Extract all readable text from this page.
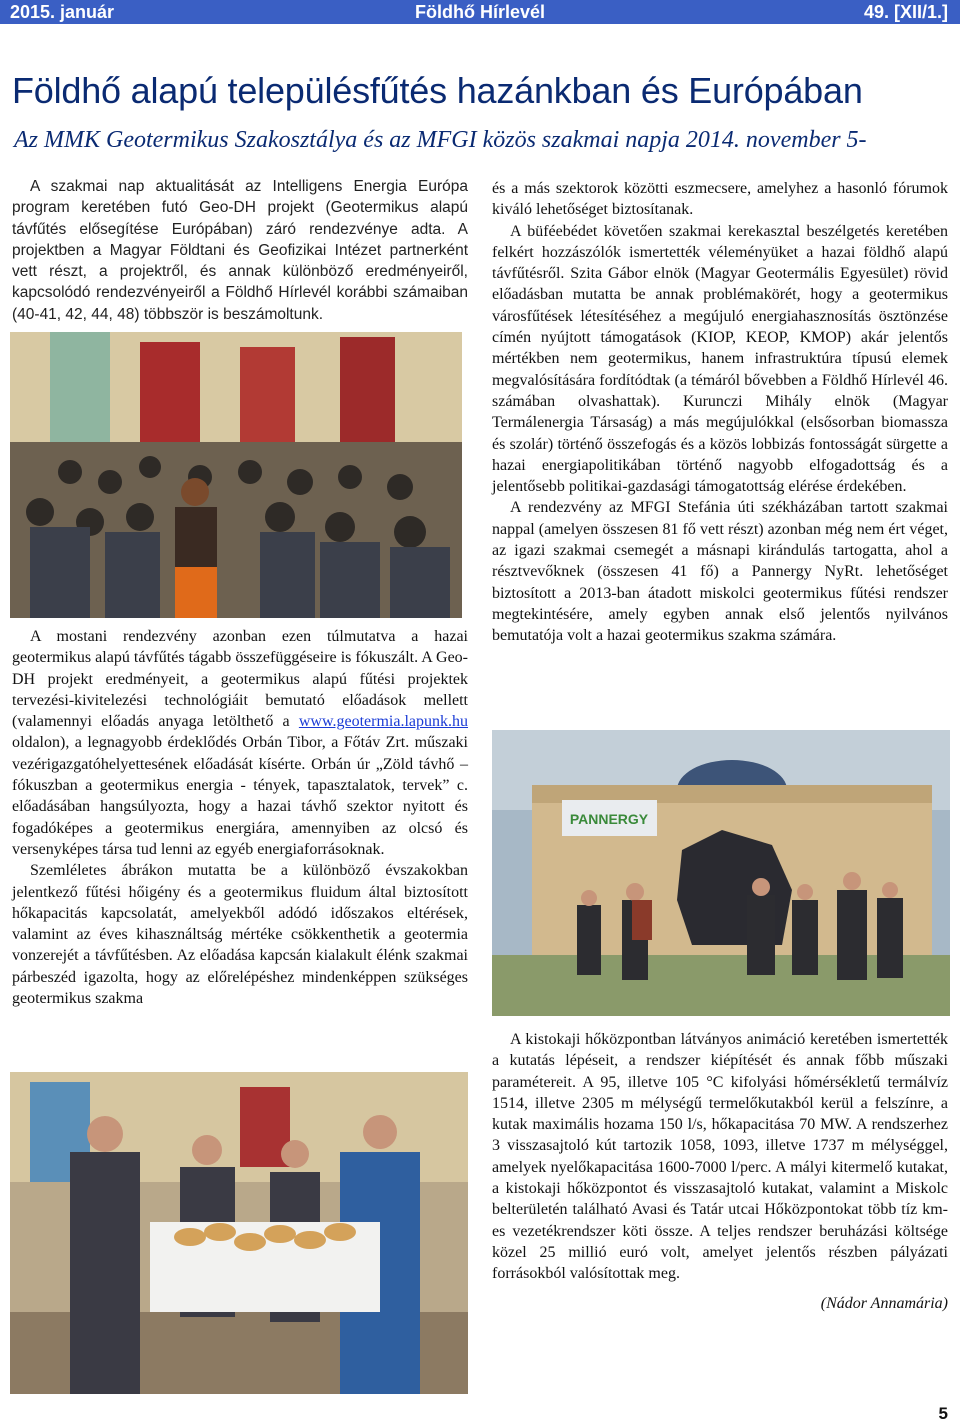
Földhő Hírlevél
2015. január	49. [XII/1.]
Földhő alapú településfűtés hazánkban és Európában
Az MMK Geotermikus Szakosztálya és az MFGI közös szakmai napja 2014. november 5-

A szakmai nap aktualitását az Intelligens Energia Európa program keretében futó Geo-DH projekt (Geotermikus alapú távfűtés elősegítése Európában) záró rendezvénye adta. A projektben a Magyar Földtani és Geofizikai Intézet partnerként vett részt, a projektről, és annak különböző eredményeiről, kapcsolódó rendezvényeiről a Földhő Hírlevél korábbi számaiban (40-41, 42, 44, 48) többször is beszámoltunk.

A mostani rendezvény azonban ezen túlmutatva a hazai geotermikus alapú távfűtés tágabb összefüggéseire is fókuszált. A Geo-DH projekt eredményeit, a geotermikus alapú fűtési projektek tervezési-kivitelezési technológiáit bemutató előadások mellett (valamennyi előadás anyaga letölthető a www.geotermia.lapunk.hu oldalon), a legnagyobb érdeklődés Orbán Tibor, a Főtáv Zrt. műszaki vezérigazgatóhelyettesének előadását kísérte. Orbán úr „Zöld távhő – fókuszban a geotermikus energia - tények, tapasztalatok, tervek” c. előadásában hangsúlyozta, hogy a hazai távhő szektor nyitott és fogadóképes a geotermikus energiára, amennyiben az olcsó és versenyképes társa tud lenni az egyéb energiaforrásoknak.

Szemléletes ábrákon mutatta be a különböző évszakokban jelentkező fűtési hőigény és a geotermikus fluidum által biztosított hőkapacitás kapcsolatát, amelyekből adódó időszakos eltérések, valamint az éves kihasználtság mértéke csökkenthetik a geotermia vonzerejét a távfűtésben. Az előadása kapcsán kialakult élénk szakmai párbeszéd igazolta, hogy az előrelépéshez mindenképpen szükséges geotermikus szakma

és a más szektorok közötti eszmecsere, amelyhez a hasonló fórumok kiváló lehetőséget biztosítanak.

A büféebédet követően szakmai kerekasztal beszélgetés keretében felkért hozzászólók ismertették véleményüket a hazai földhő alapú távfűtésről. Szita Gábor elnök (Magyar Geotermális Egyesület) rövid előadásban mutatta be annak problémakörét, hogy a geotermikus városfűtések létesítéséhez a megújuló energiahasznosítás ösztönzése címén nyújtott támogatások (KIOP, KEOP, KMOP) akár jelentős mértékben nem geotermikus, hanem infrastruktúra típusú elemek megvalósítására fordítódtak (a témáról bővebben a Földhő Hírlevél 46. számában olvashattak). Kurunczi Mihály elnök (Magyar Termálenergia Társaság) a más megújulókkal (elsősorban biomassza és szolár) történő összefogás és a közös lobbizás fontosságát sürgette a hazai energiapolitikában történő nagyobb elfogadottság és a jelentősebb politikai-gazdasági támogatottság elérése érdekében.

A rendezvény az MFGI Stefánia úti székházában tartott szakmai nappal (amelyen összesen 81 fő vett részt) azonban még nem ért véget, az igazi szakmai csemegét a másnapi kirándulás tartogatta, ahol a résztvevőknek (összesen 41 fő) a Pannergy NyRt. lehetőséget biztosított a 2013-ban átadott miskolci geotermikus fűtési rendszer megtekintésére, amely egyben annak első jelentős nyilvános bemutatója volt a hazai geotermikus szakma számára.

PANNERGY

A kistokaji hőközpontban látványos animáció keretében ismertették a kutatás lépéseit, a rendszer kiépítését és annak főbb műszaki paramétereit. A 95, illetve 105 °C kifolyási hőmérsékletű termálvíz 1514, illetve 2305 m mélységű termelőkutakból kerül a felszínre, a kutak maximális hozama 150 l/s, hőkapacitása 70 MW. A rendszerhez 3 visszasajtoló kút tartozik 1058, 1093, illetve 1737 m mélységgel, amelyek nyelőkapacitása 1600-7000 l/perc. A mályi kitermelő kutakat, a kistokaji hőközpontot és visszasajtoló kutakat, valamint a Miskolc belterületén található Avasi és Tatár utcai Hőközpontokat több tíz km-es vezetékrendszer köti össze. A teljes rendszer beruházási költsége közel 25 millió euró volt, amelyet jelentős részben pályázati forrásokból valósítottak meg.

(Nádor Annamária)

5
